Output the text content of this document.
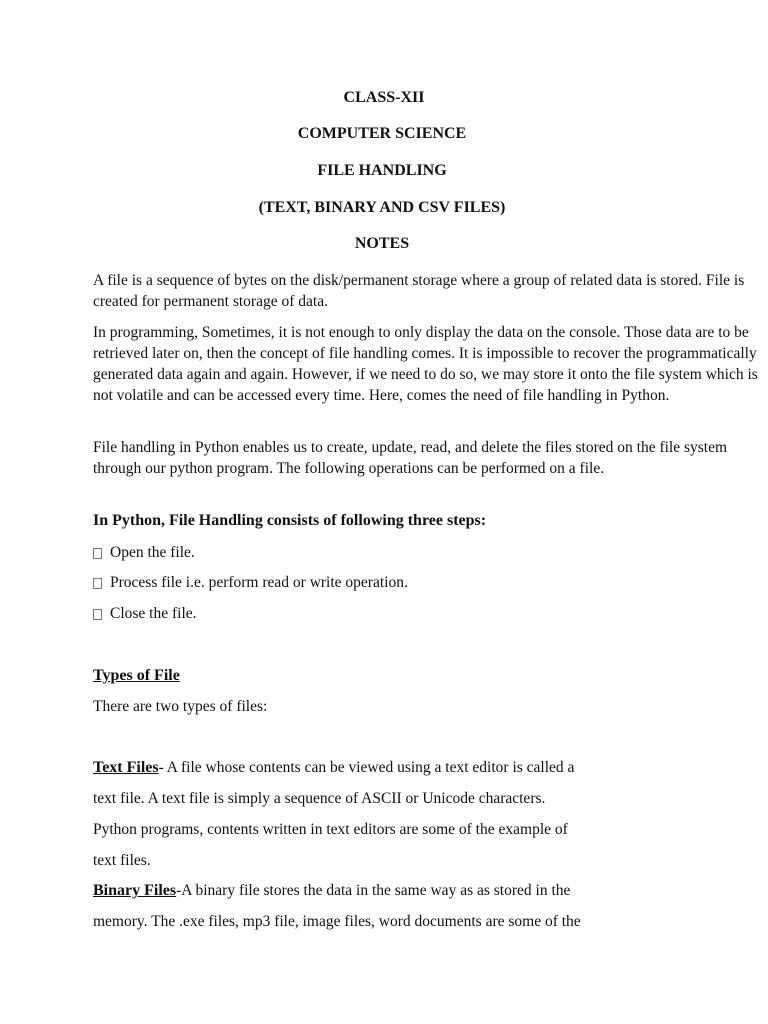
CLASS-XII
COMPUTER SCIENCE
FILE HANDLING
(TEXT, BINARY AND CSV FILES)
NOTES

A file is a sequence of bytes on the disk/permanent storage where a group of related data is stored. File is created for permanent storage of data.

In programming, Sometimes, it is not enough to only display the data on the console. Those data are to be retrieved later on, then the concept of file handling comes. It is impossible to recover the programmatically generated data again and again. However, if we need to do so, we may store it onto the file system which is not volatile and can be accessed every time. Here, comes the need of file handling in Python.

File handling in Python enables us to create, update, read, and delete the files stored on the file system through our python program. The following operations can be performed on a file.

In Python, File Handling consists of following three steps:

Open the file.

Process file i.e. perform read or write operation.

Close the file.

Types of File

There are two types of files:

Text Files- A file whose contents can be viewed using a text editor is called a

text file. A text file is simply a sequence of ASCII or Unicode characters.

Python programs, contents written in text editors are some of the example of

text files.

Binary Files-A binary file stores the data in the same way as as stored in the

memory. The .exe files, mp3 file, image files, word documents are some of the
